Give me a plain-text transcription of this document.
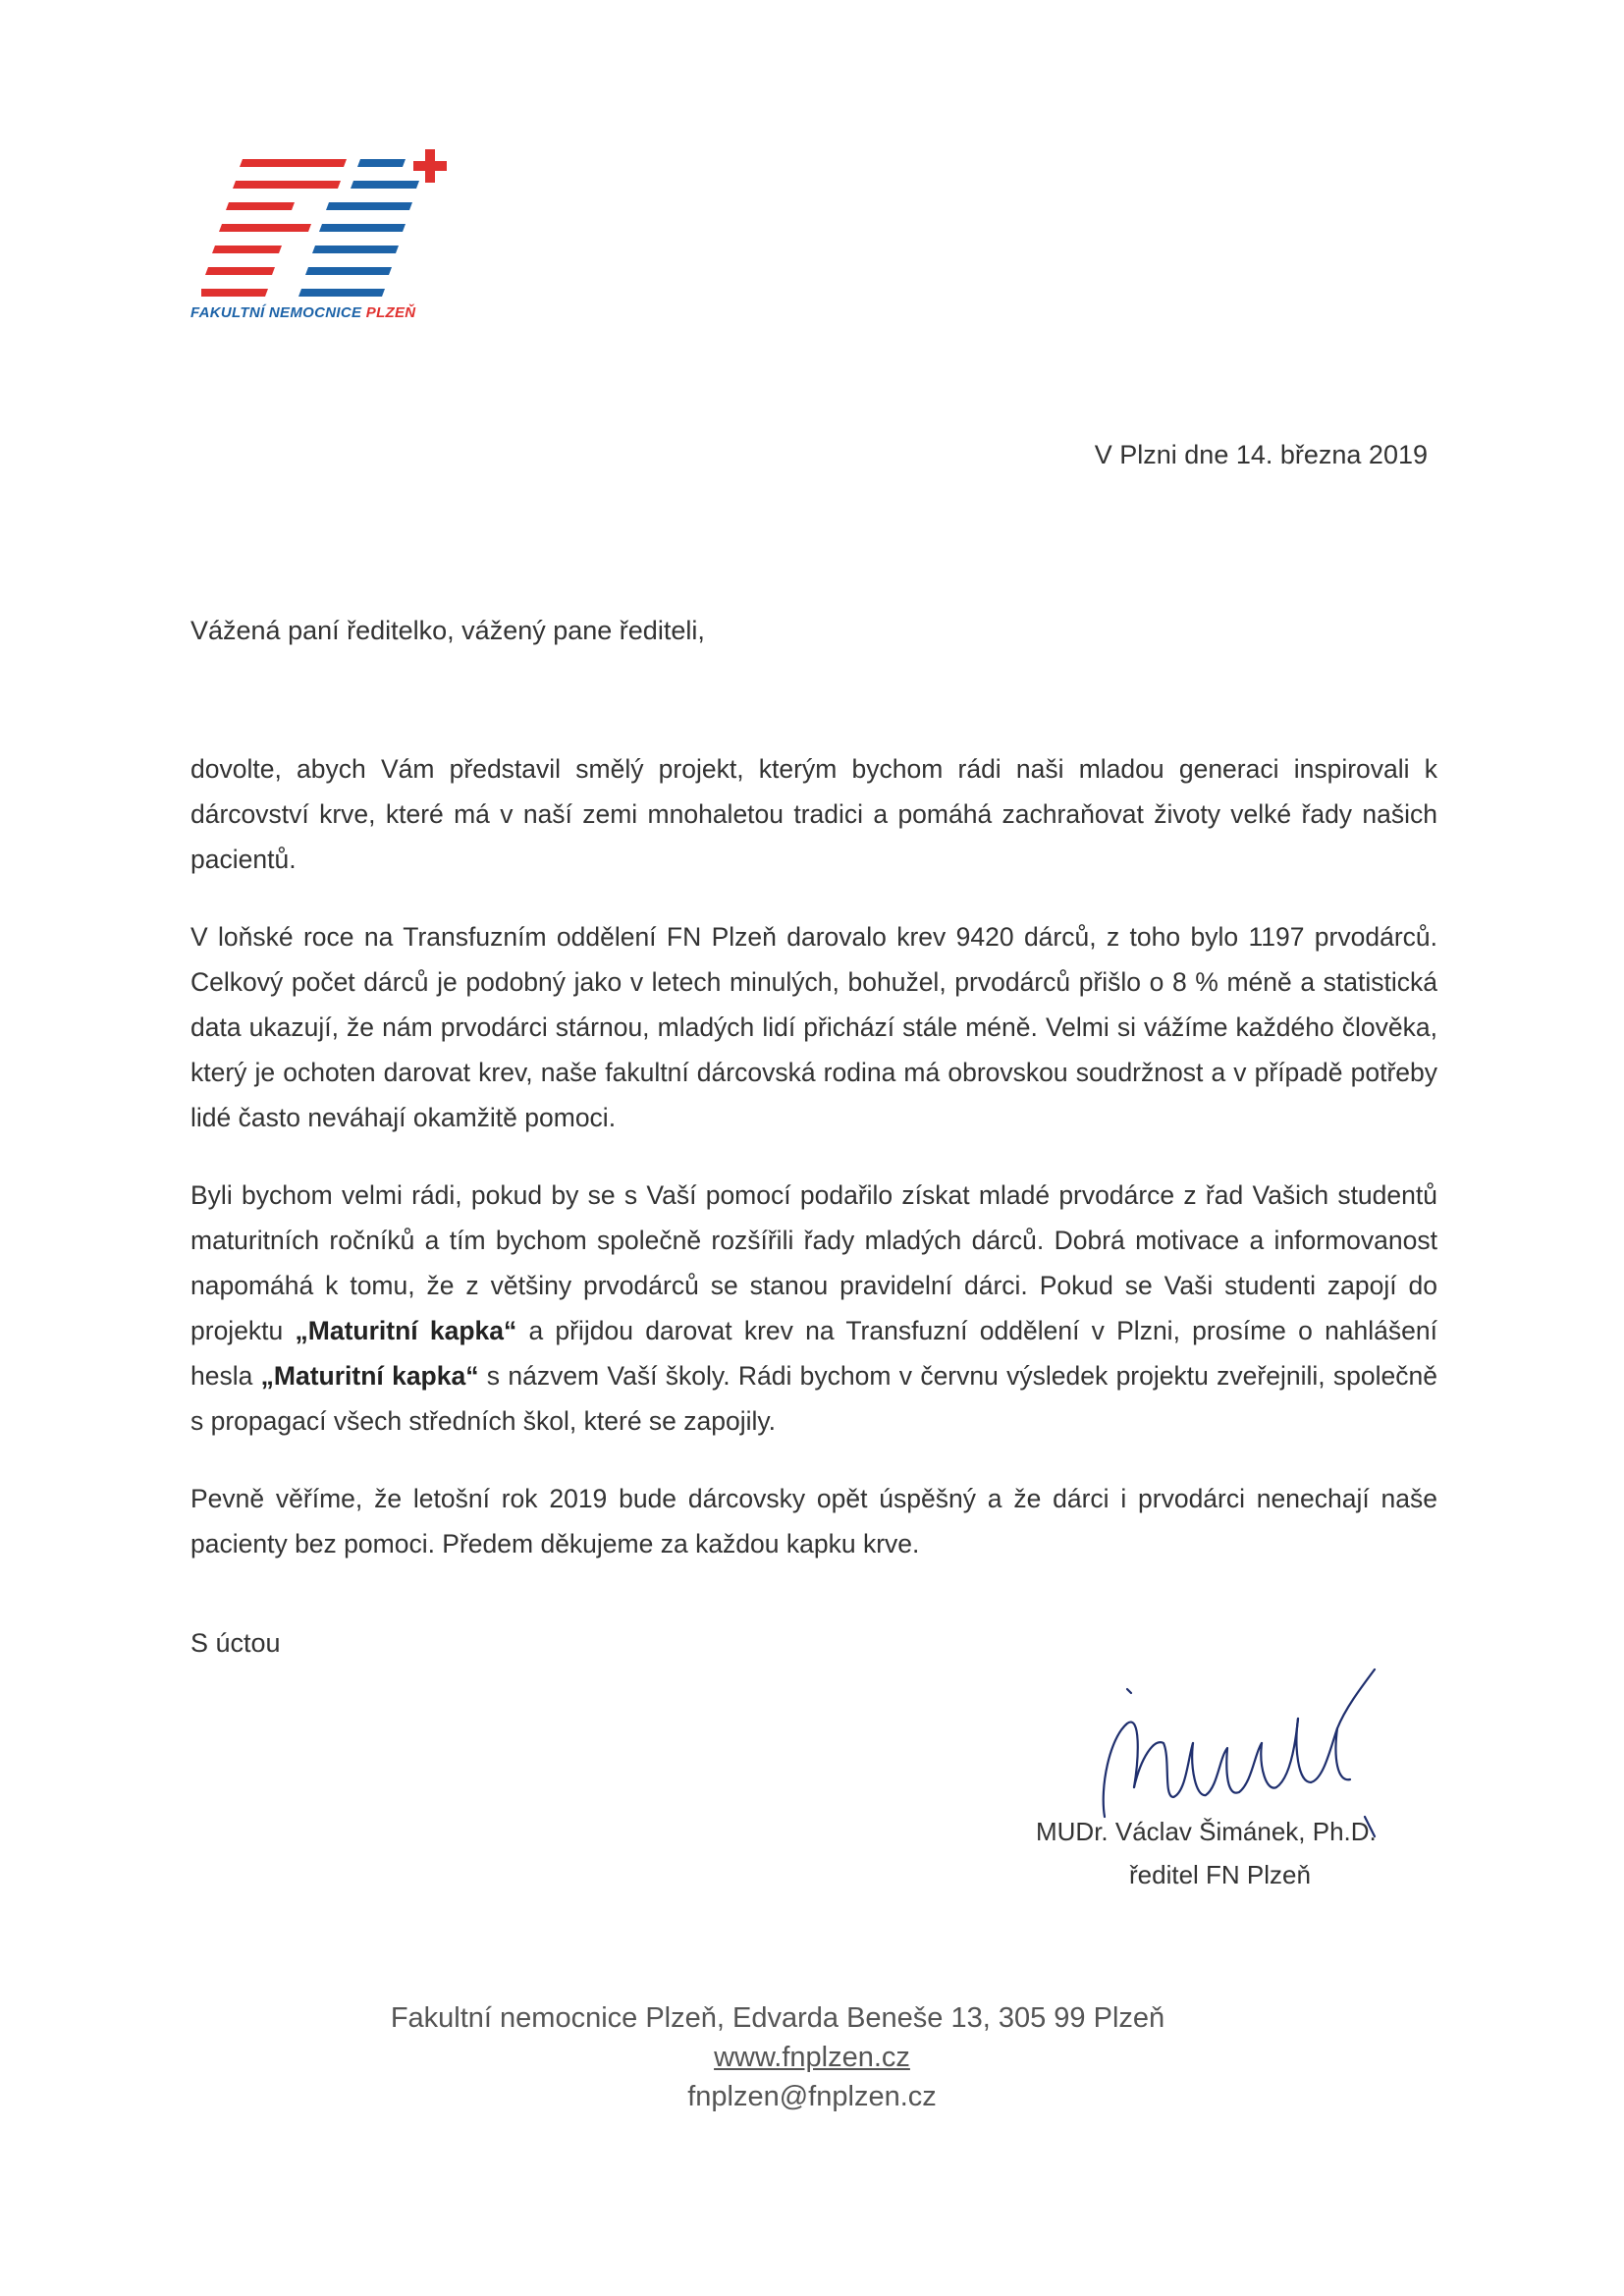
FAKULTNÍ NEMOCNICE PLZEŇ
V Plzni dne 14. března 2019
Vážená paní ředitelko, vážený pane řediteli,

dovolte, abych Vám představil smělý projekt, kterým bychom rádi naši mladou generaci inspirovali k dárcovství krve, které má v naší zemi mnohaletou tradici a pomáhá zachraňovat životy velké řady našich pacientů.

V loňské roce na Transfuzním oddělení FN Plzeň darovalo krev 9420 dárců, z toho bylo 1197 prvodárců. Celkový počet dárců je podobný jako v letech minulých, bohužel, prvodárců přišlo o 8 % méně a statistická data ukazují, že nám prvodárci stárnou, mladých lidí přichází stále méně. Velmi si vážíme každého člověka, který je ochoten darovat krev, naše fakultní dárcovská rodina má obrovskou soudržnost a v případě potřeby lidé často neváhají okamžitě pomoci.

Byli bychom velmi rádi, pokud by se s Vaší pomocí podařilo získat mladé prvodárce z řad Vašich studentů maturitních ročníků a tím bychom společně rozšířili řady mladých dárců. Dobrá motivace a informovanost napomáhá k tomu, že z většiny prvodárců se stanou pravidelní dárci. Pokud se Vaši studenti zapojí do projektu „Maturitní kapka“ a přijdou darovat krev na Transfuzní oddělení v Plzni, prosíme o nahlášení hesla „Maturitní kapka“ s názvem Vaší školy. Rádi bychom v červnu výsledek projektu zveřejnili, společně s propagací všech středních škol, které se zapojily.

Pevně věříme, že letošní rok 2019 bude dárcovsky opět úspěšný a že dárci i prvodárci nenechají naše pacienty bez pomoci. Předem děkujeme za každou kapku krve.

S úctou
MUDr. Václav Šimánek, Ph.D.
ředitel FN Plzeň
Fakultní nemocnice Plzeň, Edvarda Beneše 13, 305 99 Plzeň
www.fnplzen.cz
fnplzen@fnplzen.cz
